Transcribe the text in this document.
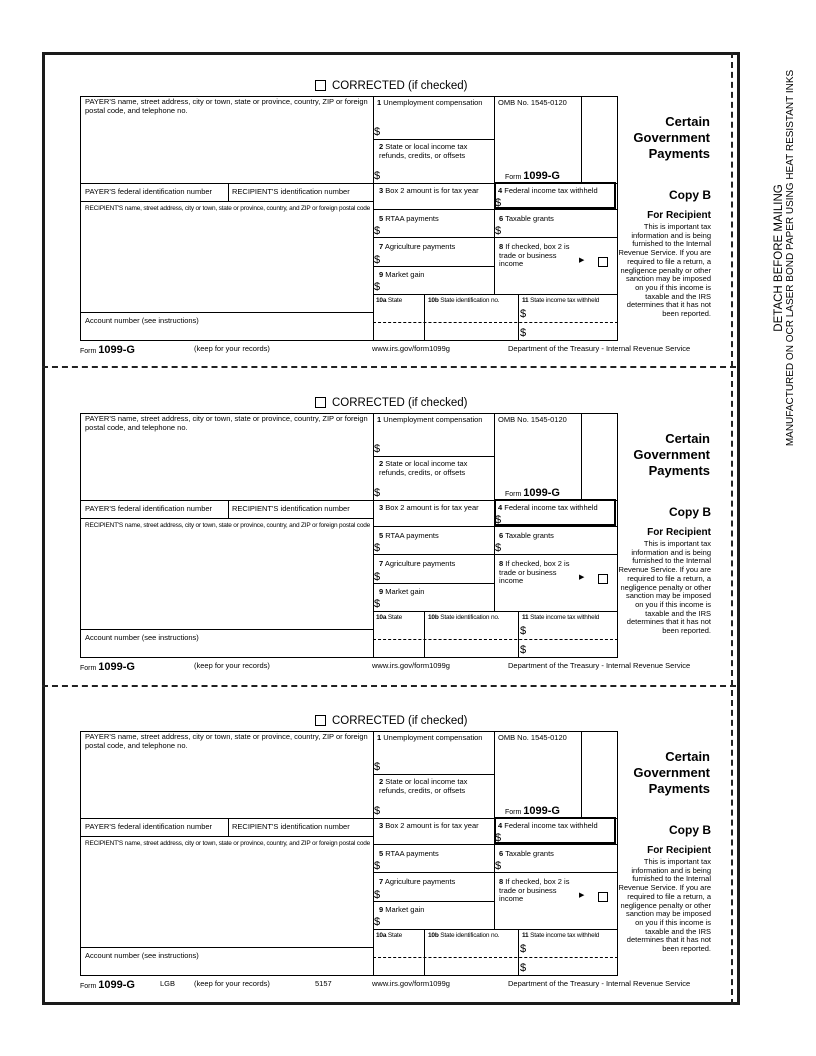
DETACH BEFORE MAILING MANUFACTURED ON OCR LASER BOND PAPER USING HEAT RESISTANT INKS
CORRECTED (if checked)
PAYER'S name, street address, city or town, state or province, country, ZIP or foreign postal code, and telephone no.
PAYER'S federal identification number	RECIPIENT'S identification number
RECIPIENT'S name, street address, city or town, state or province, country, and ZIP or foreign postal code
Account number (see instructions)
1 Unemployment compensation
$
2 State or local income tax refunds, credits, or offsets
$
OMB No. 1545-0120
Form 1099-G
Certain Government Payments
3 Box 2 amount is for tax year	4 Federal income tax withheld
$
Copy B
For Recipient
This is important tax information and is being furnished to the Internal Revenue Service. If you are required to file a return, a negligence penalty or other sanction may be imposed on you if this income is taxable and the IRS determines that it has not been reported.
5 RTAA payments
$
6 Taxable grants
$
7 Agriculture payments
$
8 If checked, box 2 is trade or business income	▶
9 Market gain
$
10a State	10b State identification no.	11 State income tax withheld
$
$
Form 1099-G	(keep for your records)	www.irs.gov/form1099g	Department of the Treasury - Internal Revenue Service
CORRECTED (if checked)
PAYER'S name, street address, city or town, state or province, country, ZIP or foreign postal code, and telephone no.
PAYER'S federal identification number	RECIPIENT'S identification number
RECIPIENT'S name, street address, city or town, state or province, country, and ZIP or foreign postal code
Account number (see instructions)
1 Unemployment compensation
$
2 State or local income tax refunds, credits, or offsets
$
OMB No. 1545-0120
Form 1099-G
Certain Government Payments
3 Box 2 amount is for tax year	4 Federal income tax withheld
$
Copy B
For Recipient
This is important tax information and is being furnished to the Internal Revenue Service. If you are required to file a return, a negligence penalty or other sanction may be imposed on you if this income is taxable and the IRS determines that it has not been reported.
5 RTAA payments
$
6 Taxable grants
$
7 Agriculture payments
$
8 If checked, box 2 is trade or business income	▶
9 Market gain
$
10a State	10b State identification no.	11 State income tax withheld
$
$
Form 1099-G	(keep for your records)	www.irs.gov/form1099g	Department of the Treasury - Internal Revenue Service
CORRECTED (if checked)
PAYER'S name, street address, city or town, state or province, country, ZIP or foreign postal code, and telephone no.
PAYER'S federal identification number	RECIPIENT'S identification number
RECIPIENT'S name, street address, city or town, state or province, country, and ZIP or foreign postal code
Account number (see instructions)
1 Unemployment compensation
$
2 State or local income tax refunds, credits, or offsets
$
OMB No. 1545-0120
Form 1099-G
Certain Government Payments
3 Box 2 amount is for tax year	4 Federal income tax withheld
$
Copy B
For Recipient
This is important tax information and is being furnished to the Internal Revenue Service. If you are required to file a return, a negligence penalty or other sanction may be imposed on you if this income is taxable and the IRS determines that it has not been reported.
5 RTAA payments
$
6 Taxable grants
$
7 Agriculture payments
$
8 If checked, box 2 is trade or business income	▶
9 Market gain
$
10a State	10b State identification no.	11 State income tax withheld
$
$
Form 1099-G	LGB	(keep for your records)	5157	www.irs.gov/form1099g	Department of the Treasury - Internal Revenue Service
